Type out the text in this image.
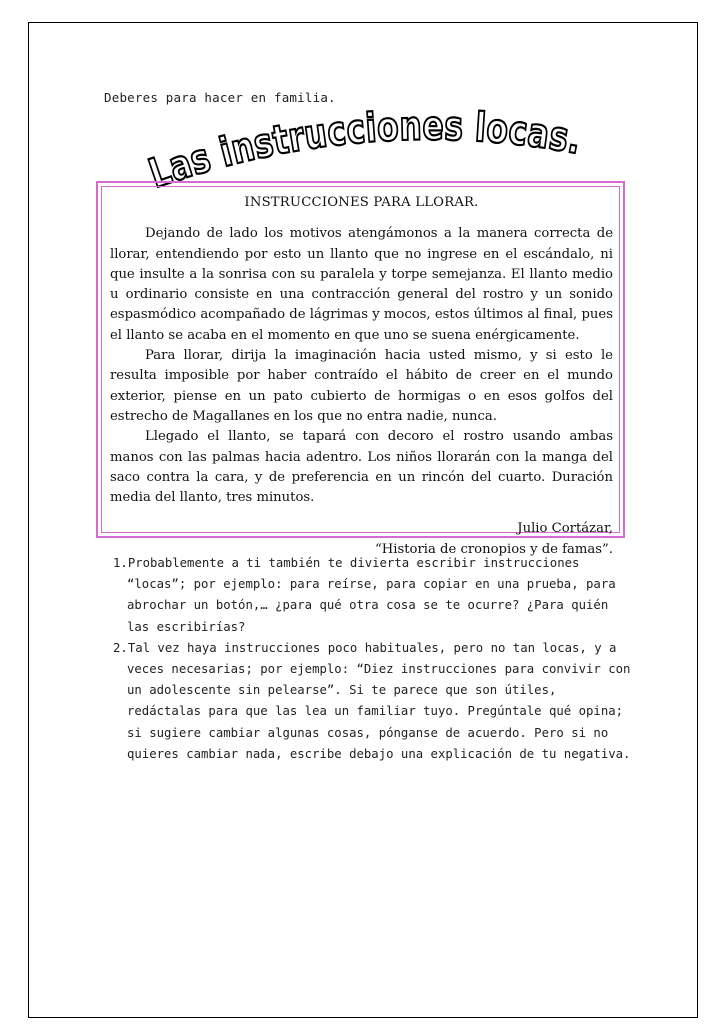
Deberes para hacer en familia.
Las instrucciones locas.
INSTRUCCIONES PARA LLORAR.

Dejando de lado los motivos atengámonos a la manera correcta de llorar, entendiendo por esto un llanto que no ingrese en el escándalo, ni que insulte a la sonrisa con su paralela y torpe semejanza. El llanto medio u ordinario consiste en una contracción general del rostro y un sonido espasmódico acompañado de lágrimas y mocos, estos últimos al final, pues el llanto se acaba en el momento en que uno se suena enérgicamente.

Para llorar, dirija la imaginación hacia usted mismo, y si esto le resulta imposible por haber contraído el hábito de creer en el mundo exterior, piense en un pato cubierto de hormigas o en esos golfos del estrecho de Magallanes en los que no entra nadie, nunca.

Llegado el llanto, se tapará con decoro el rostro usando ambas manos con las palmas hacia adentro. Los niños llorarán con la manga del saco contra la cara, y de preferencia en un rincón del cuarto. Duración media del llanto, tres minutos.

Julio Cortázar,
“Historia de cronopios y de famas”.

1.Probablemente a ti también te divierta escribir instrucciones “locas”; por ejemplo: para reírse, para copiar en una prueba, para abrochar un botón,… ¿para qué otra cosa se te ocurre? ¿Para quién las escribirías?

2.Tal vez haya instrucciones poco habituales, pero no tan locas, y a veces necesarias; por ejemplo: “Diez instrucciones para convivir con un adolescente sin pelearse”. Si te parece que son útiles, redáctalas para que las lea un familiar tuyo. Pregúntale qué opina; si sugiere cambiar algunas cosas, pónganse de acuerdo. Pero si no quieres cambiar nada, escribe debajo una explicación de tu negativa.
